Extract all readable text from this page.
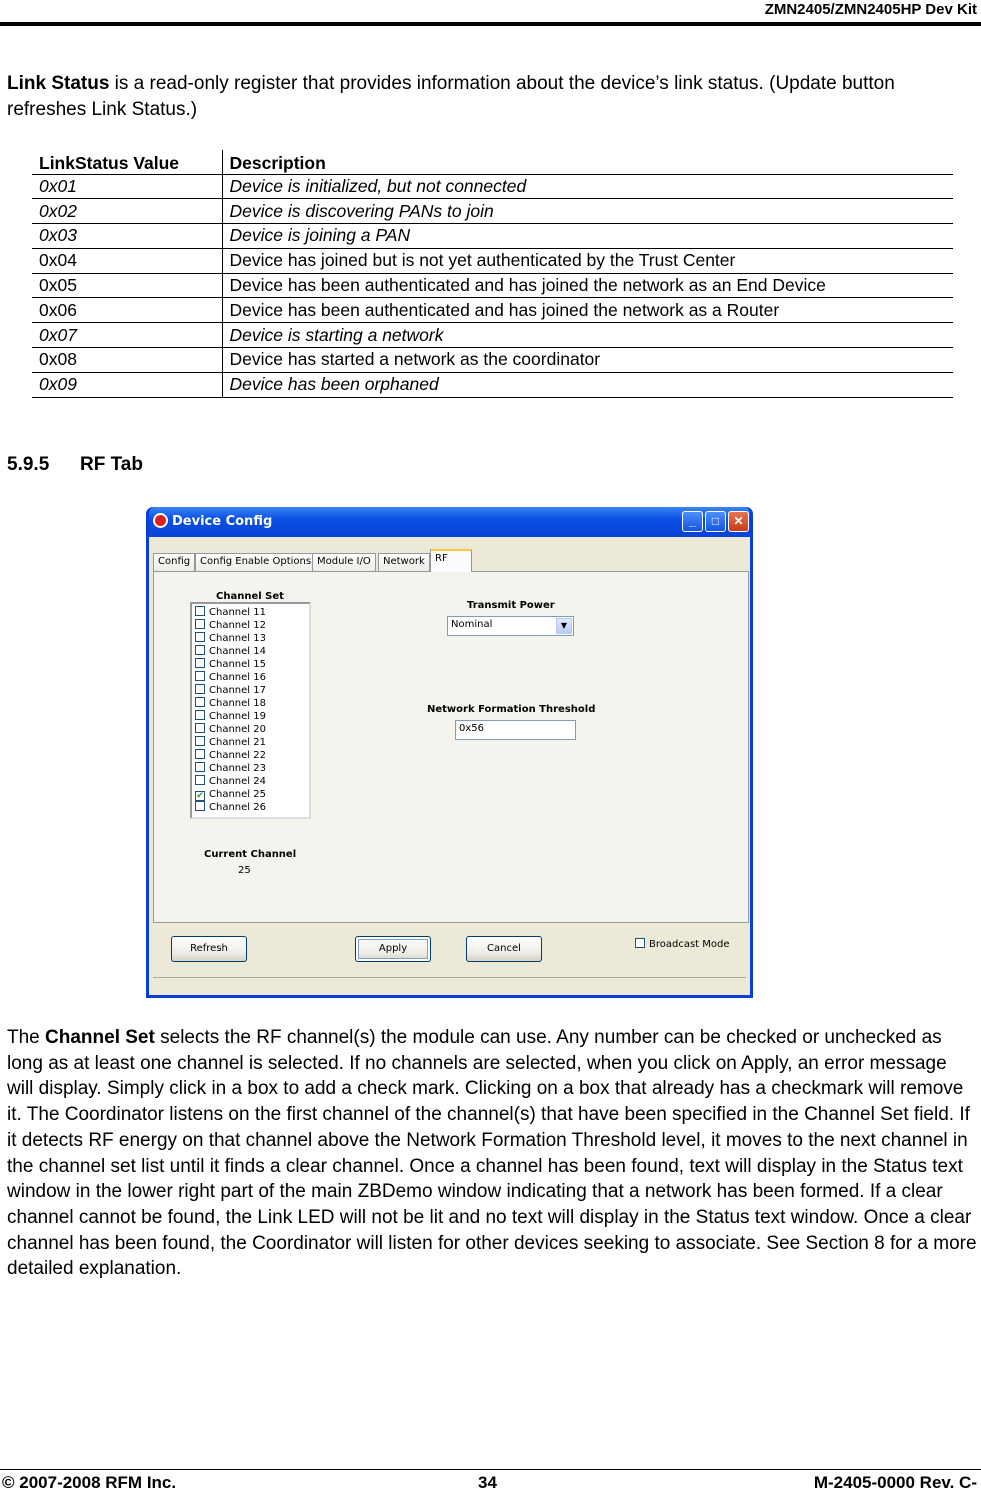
ZMN2405/ZMN2405HP Dev Kit

Link Status is a read-only register that provides information about the device’s link status. (Update button refreshes Link Status.)

LinkStatus Value	Description
0x01	Device is initialized, but not connected
0x02	Device is discovering PANs to join
0x03	Device is joining a PAN
0x04	Device has joined but is not yet authenticated by the Trust Center
0x05	Device has been authenticated and has joined the network as an End Device
0x06	Device has been authenticated and has joined the network as a Router
0x07	Device is starting a network
0x08	Device has started a network as the coordinator
0x09	Device has been orphaned
5.9.5 RF Tab
Device Config	_	□	✕
Config Config Enable Options Module I/O	Network	RF
Channel Set
Channel 11
Channel 12
Channel 13
Channel 14
Channel 15
Channel 16
Channel 17
Channel 18
Channel 19
Channel 20
Channel 21
Channel 22
Channel 23
Channel 24
✔ Channel 25
Channel 26
Transmit Power
Nominal	▼
Network Formation Threshold
0x56
Current Channel
25
Refresh	Apply	Cancel	Broadcast Mode

The Channel Set selects the RF channel(s) the module can use. Any number can be checked or unchecked as long as at least one channel is selected. If no channels are selected, when you click on Apply, an error message will display. Simply click in a box to add a check mark. Clicking on a box that already has a checkmark will remove it. The Coordinator listens on the first channel of the channel(s) that have been specified in the Channel Set field. If it detects RF energy on that channel above the Network Formation Threshold level, it moves to the next channel in the channel set list until it finds a clear channel. Once a channel has been found, text will display in the Status text window in the lower right part of the main ZBDemo window indicating that a network has been formed. If a clear channel cannot be found, the Link LED will not be lit and no text will display in the Status text window. Once a clear channel has been found, the Coordinator will listen for other devices seeking to associate. See Section 8 for a more detailed explanation.

© 2007-2008 RFM Inc.	34	M-2405-0000 Rev. C-
